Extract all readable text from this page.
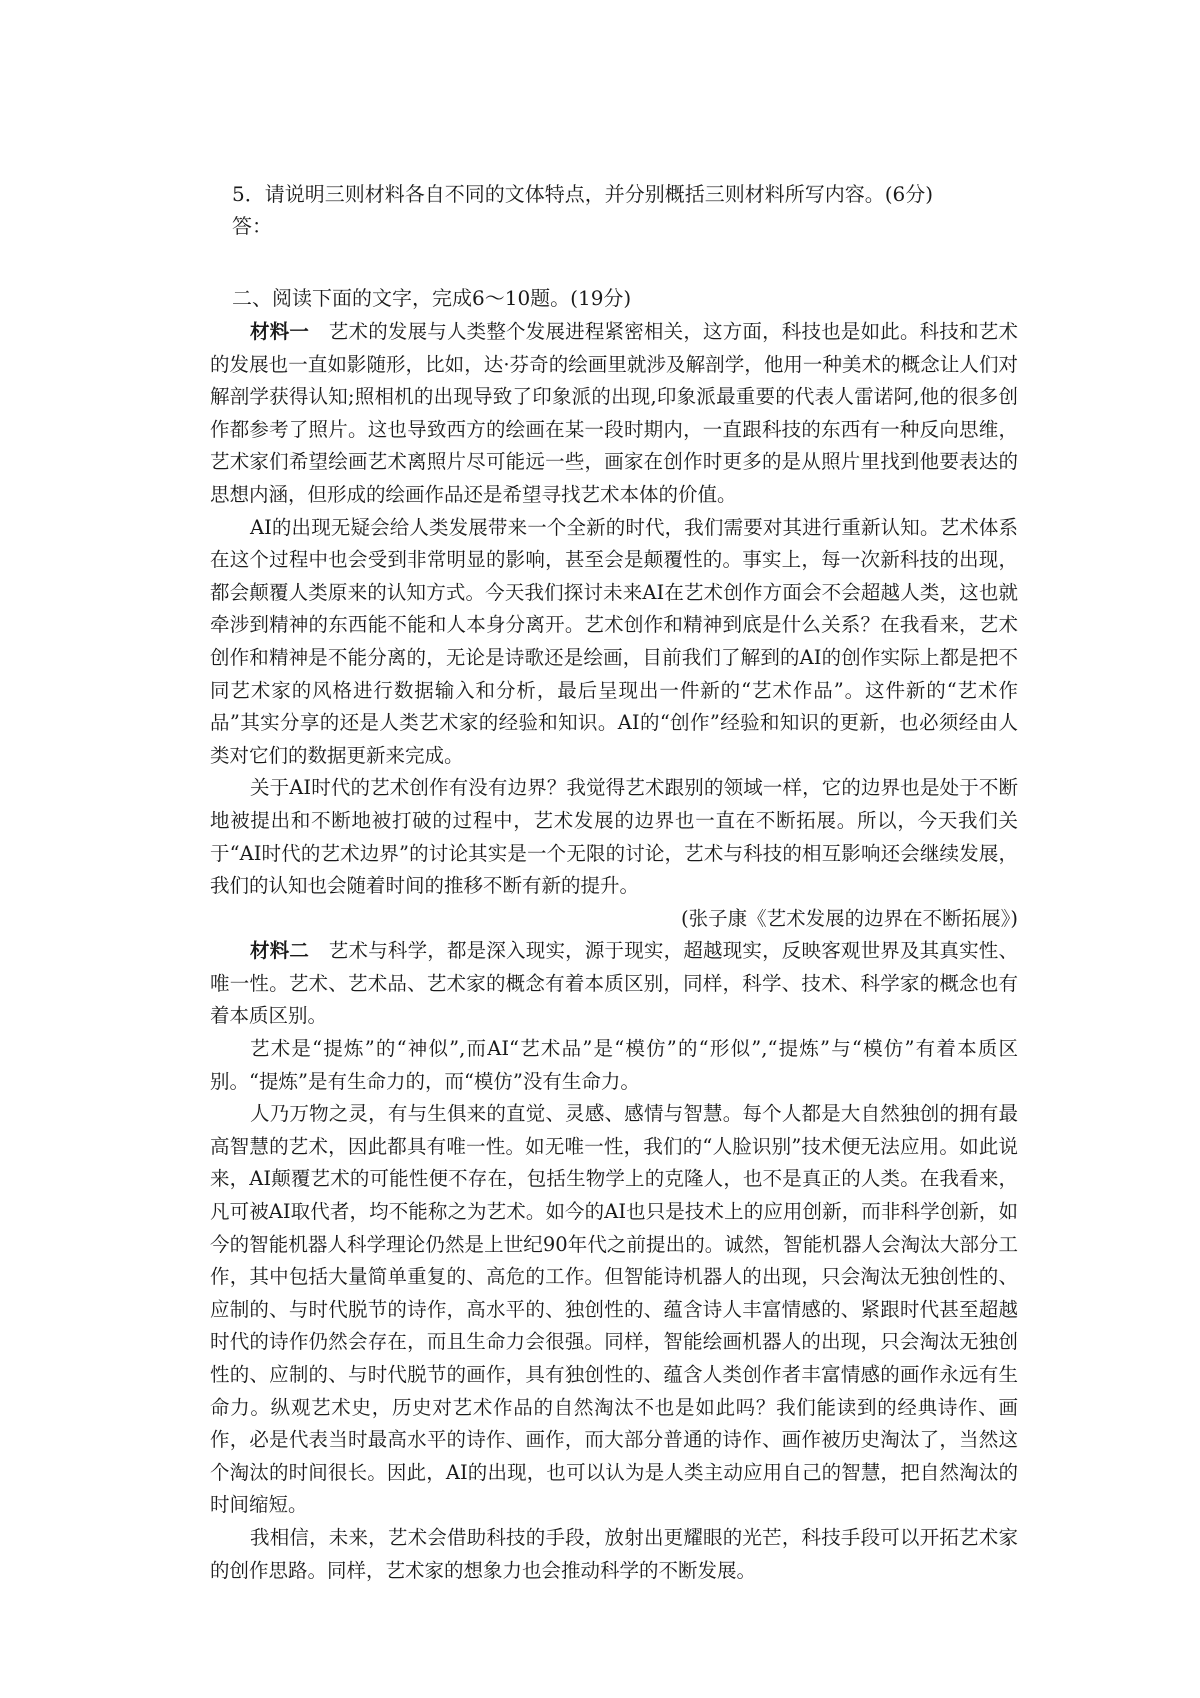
5．请说明三则材料各自不同的文体特点，并分别概括三则材料所写内容。(6分)

答：

二、阅读下面的文字，完成6～10题。(19分)

材料一　 艺术的发展与人类整个发展进程紧密相关，这方面，科技也是如此。科技和艺术的发展也一直如影随形，比如，达·芬奇的绘画里就涉及解剖学，他用一种美术的概念让人们对解剖学获得认知;照相机的出现导致了印象派的出现,印象派最重要的代表人雷诺阿,他的很多创作都参考了照片。这也导致西方的绘画在某一段时期内，一直跟科技的东西有一种反向思维，艺术家们希望绘画艺术离照片尽可能远一些，画家在创作时更多的是从照片里找到他要表达的思想内涵，但形成的绘画作品还是希望寻找艺术本体的价值。

AI的出现无疑会给人类发展带来一个全新的时代，我们需要对其进行重新认知。艺术体系在这个过程中也会受到非常明显的影响，甚至会是颠覆性的。事实上，每一次新科技的出现，都会颠覆人类原来的认知方式。今天我们探讨未来AI在艺术创作方面会不会超越人类，这也就牵涉到精神的东西能不能和人本身分离开。艺术创作和精神到底是什么关系？在我看来，艺术创作和精神是不能分离的，无论是诗歌还是绘画，目前我们了解到的AI的创作实际上都是把不同艺术家的风格进行数据输入和分析，最后呈现出一件新的“艺术作品”。这件新的“艺术作品”其实分享的还是人类艺术家的经验和知识。AI的“创作”经验和知识的更新，也必须经由人类对它们的数据更新来完成。

关于AI时代的艺术创作有没有边界？我觉得艺术跟别的领域一样，它的边界也是处于不断地被提出和不断地被打破的过程中，艺术发展的边界也一直在不断拓展。所以，今天我们关于“AI时代的艺术边界”的讨论其实是一个无限的讨论，艺术与科技的相互影响还会继续发展，我们的认知也会随着时间的推移不断有新的提升。

(张子康《艺术发展的边界在不断拓展》)

材料二　 艺术与科学，都是深入现实，源于现实，超越现实，反映客观世界及其真实性、唯一性。艺术、艺术品、艺术家的概念有着本质区别，同样，科学、技术、科学家的概念也有着本质区别。

艺术是“提炼”的“神似”,而AI“艺术品”是“模仿”的“形似”,“提炼”与“模仿”有着本质区别。“提炼”是有生命力的，而“模仿”没有生命力。

人乃万物之灵，有与生俱来的直觉、灵感、感情与智慧。每个人都是大自然独创的拥有最高智慧的艺术，因此都具有唯一性。如无唯一性，我们的“人脸识别”技术便无法应用。如此说来，AI颠覆艺术的可能性便不存在，包括生物学上的克隆人，也不是真正的人类。在我看来，凡可被AI取代者，均不能称之为艺术。如今的AI也只是技术上的应用创新，而非科学创新，如今的智能机器人科学理论仍然是上世纪90年代之前提出的。诚然，智能机器人会淘汰大部分工作，其中包括大量简单重复的、高危的工作。但智能诗机器人的出现，只会淘汰无独创性的、应制的、与时代脱节的诗作，高水平的、独创性的、蕴含诗人丰富情感的、紧跟时代甚至超越时代的诗作仍然会存在，而且生命力会很强。同样，智能绘画机器人的出现，只会淘汰无独创性的、应制的、与时代脱节的画作，具有独创性的、蕴含人类创作者丰富情感的画作永远有生命力。纵观艺术史，历史对艺术作品的自然淘汰不也是如此吗？我们能读到的经典诗作、画作，必是代表当时最高水平的诗作、画作，而大部分普通的诗作、画作被历史淘汰了，当然这个淘汰的时间很长。因此，AI的出现，也可以认为是人类主动应用自己的智慧，把自然淘汰的时间缩短。

我相信，未来，艺术会借助科技的手段，放射出更耀眼的光芒，科技手段可以开拓艺术家的创作思路。同样，艺术家的想象力也会推动科学的不断发展。
